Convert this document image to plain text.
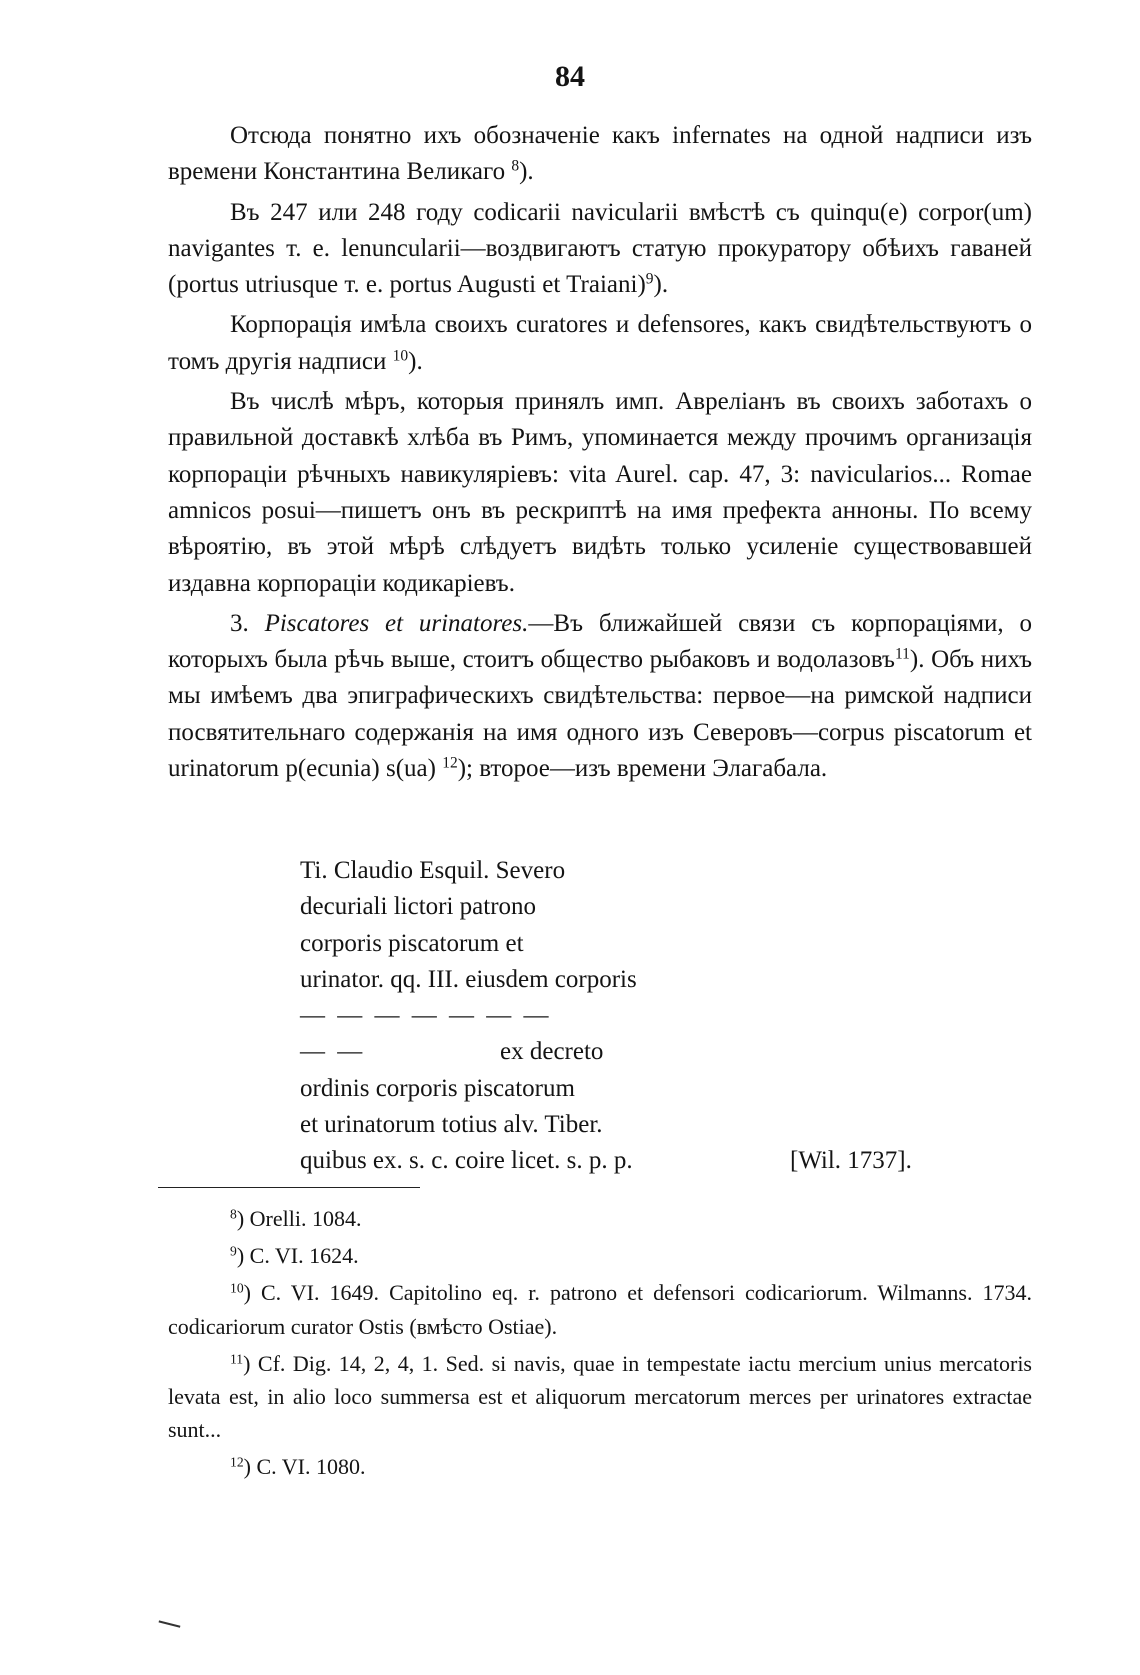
84

Отсюда понятно ихъ обозначеніе какъ infernates на одной надписи изъ времени Константина Великаго $^8$).

Въ 247 или 248 году codicarii navicularii вмѣстѣ съ quinqu(e) corpor(um) navigantes т. е. lenuncularii—воздвигаютъ статую прокуратору обѣихъ гаваней (portus utriusque т. е. portus Augusti et Traiani)$^9$).

Корпорація имѣла своихъ curatores и defensores, какъ свидѣтельствуютъ о томъ другія надписи $^{10}$).

Въ числѣ мѣръ, которыя принялъ имп. Авреліанъ въ своихъ заботахъ о правильной доставкѣ хлѣба въ Римъ, упоминается между прочимъ организація корпораціи рѣчныхъ навикуляріевъ: vita Aurel. cap. 47, 3: navicularios... Romae amnicos posui—пишетъ онъ въ рескриптѣ на имя префекта анноны. По всему вѣроятію, въ этой мѣрѣ слѣдуетъ видѣть только усиленіе существовавшей издавна корпораціи кодикаріевъ.

3. Piscatores et urinatores.—Въ ближайшей связи съ корпораціями, о которыхъ была рѣчь выше, стоитъ общество рыбаковъ и водолазовъ$^{11}$). Объ нихъ мы имѣемъ два эпиграфическихъ свидѣтельства: первое—на римской надписи посвятительнаго содержанія на имя одного изъ Северовъ—corpus piscatorum et urinatorum p(ecunia) s(ua) $^{12}$); второе—изъ времени Элагабала.

Ti. Claudio Esquil. Severo
decuriali lictori patrono
corporis piscatorum et
urinator. qq. III. eiusdem corporis
— — — — — — —
— —	ex decreto
ordinis corporis piscatorum
et urinatorum totius alv. Tiber.
quibus ex. s. c. coire licet. s. p. p.	[Wil. 1737].

$^8$) Orelli. 1084.

$^9$) C. VI. 1624.

$^{10}$) C. VI. 1649. Capitolino eq. r. patrono et defensori codicariorum. Wilmanns. 1734. codicariorum curator Ostis (вмѣсто Ostiae).

$^{11}$) Cf. Dig. 14, 2, 4, 1. Sed. si navis, quae in tempestate iactu mercium unius mercatoris levata est, in alio loco summersa est et aliquorum mercatorum merces per urinatores extractae sunt...

$^{12}$) C. VI. 1080.
